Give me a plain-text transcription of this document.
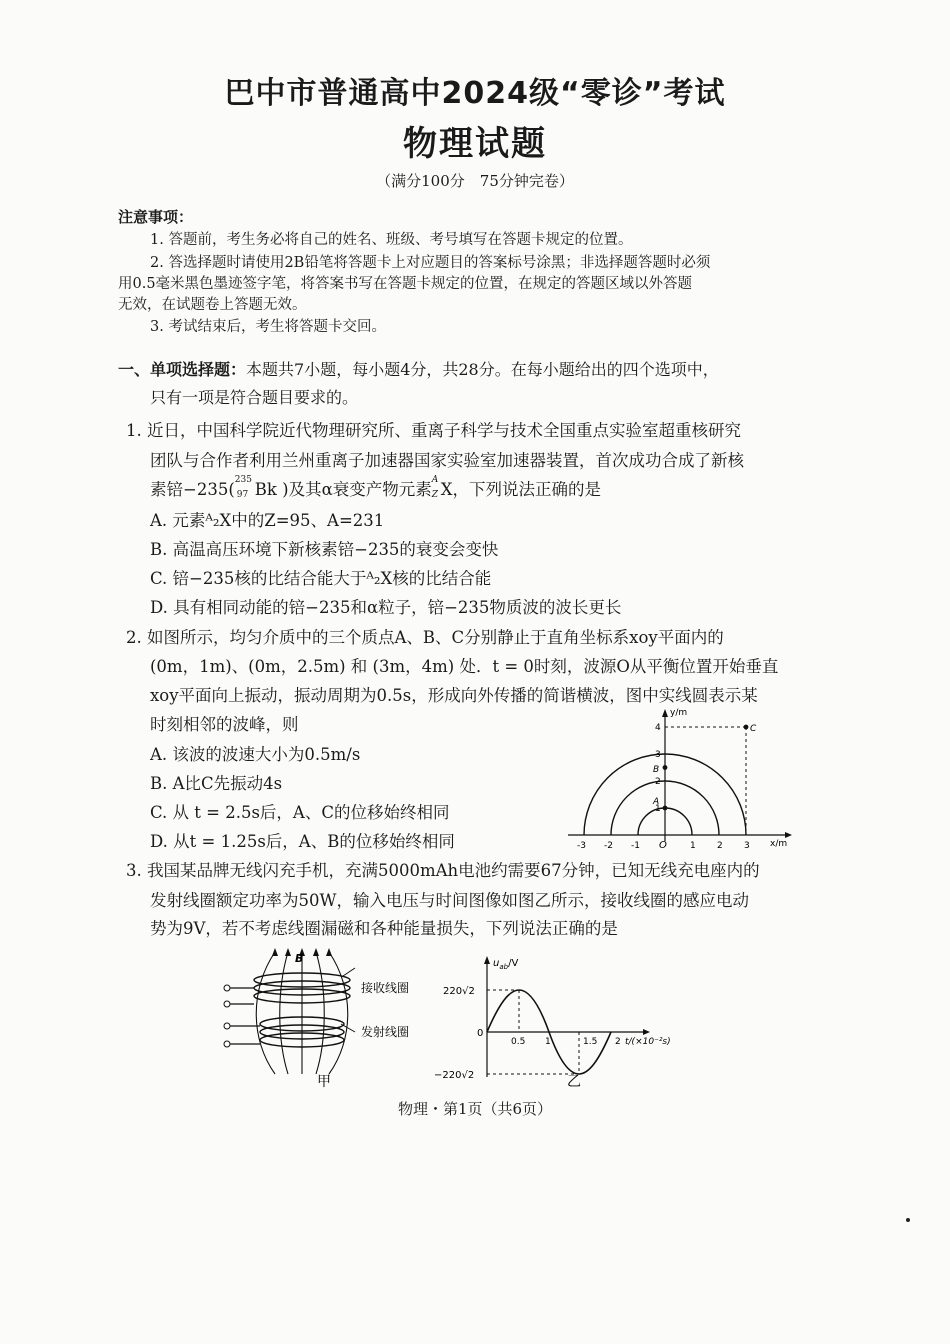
巴中市普通高中2024级“零诊”考试
物理试题
（满分100分　75分钟完卷）
注意事项：
1. 答题前，考生务必将自己的姓名、班级、考号填写在答题卡规定的位置。
2. 答选择题时请使用2B铅笔将答题卡上对应题目的答案标号涂黑；非选择题答题时必须
用0.5毫米黑色墨迹签字笔，将答案书写在答题卡规定的位置，在规定的答题区域以外答题
无效，在试题卷上答题无效。
3. 考试结束后，考生将答题卡交回。
一、单项选择题：本题共7小题，每小题4分，共28分。在每小题给出的四个选项中，
只有一项是符合题目要求的。
1. 近日，中国科学院近代物理研究所、重离子科学与技术全国重点实验室超重核研究
团队与合作者利用兰州重离子加速器国家实验室加速器装置，首次成功合成了新核
素锫−235( 235
97 Bk )及其α衰变产物元素 A
Z X，下列说法正确的是
A. 元素ᴬ₂X中的Z=95、A=231
B. 高温高压环境下新核素锫−235的衰变会变快
C. 锫−235核的比结合能大于ᴬ₂X核的比结合能
D. 具有相同动能的锫−235和α粒子，锫−235物质波的波长更长
2. 如图所示，均匀介质中的三个质点A、B、C分别静止于直角坐标系xoy平面内的
(0m，1m)、(0m，2.5m) 和 (3m，4m) 处．t = 0时刻，波源O从平衡位置开始垂直
xoy平面向上振动，振动周期为0.5s，形成向外传播的简谐横波，图中实线圆表示某
时刻相邻的波峰，则
A. 该波的波速大小为0.5m/s
B. A比C先振动4s
C. 从 t = 2.5s后，A、C的位移始终相同
D. 从t = 1.25s后，A、B的位移始终相同
y/m
x/m
O
-3 -2 -1	1 2 3
1
2
3
4
A
B
C
3. 我国某品牌无线闪充手机，充满5000mAh电池约需要67分钟，已知无线充电座内的
发射线圈额定功率为50W，输入电压与时间图像如图乙所示，接收线圈的感应电动
势为9V，若不考虑线圈漏磁和各种能量损失，下列说法正确的是
B
接收线圈
发射线圈
甲
$u_{ab}/V$
220√2
−220√2
0
0.5 1	1.5 2 t/(×10⁻²s)
乙
物理・第1页（共6页）
